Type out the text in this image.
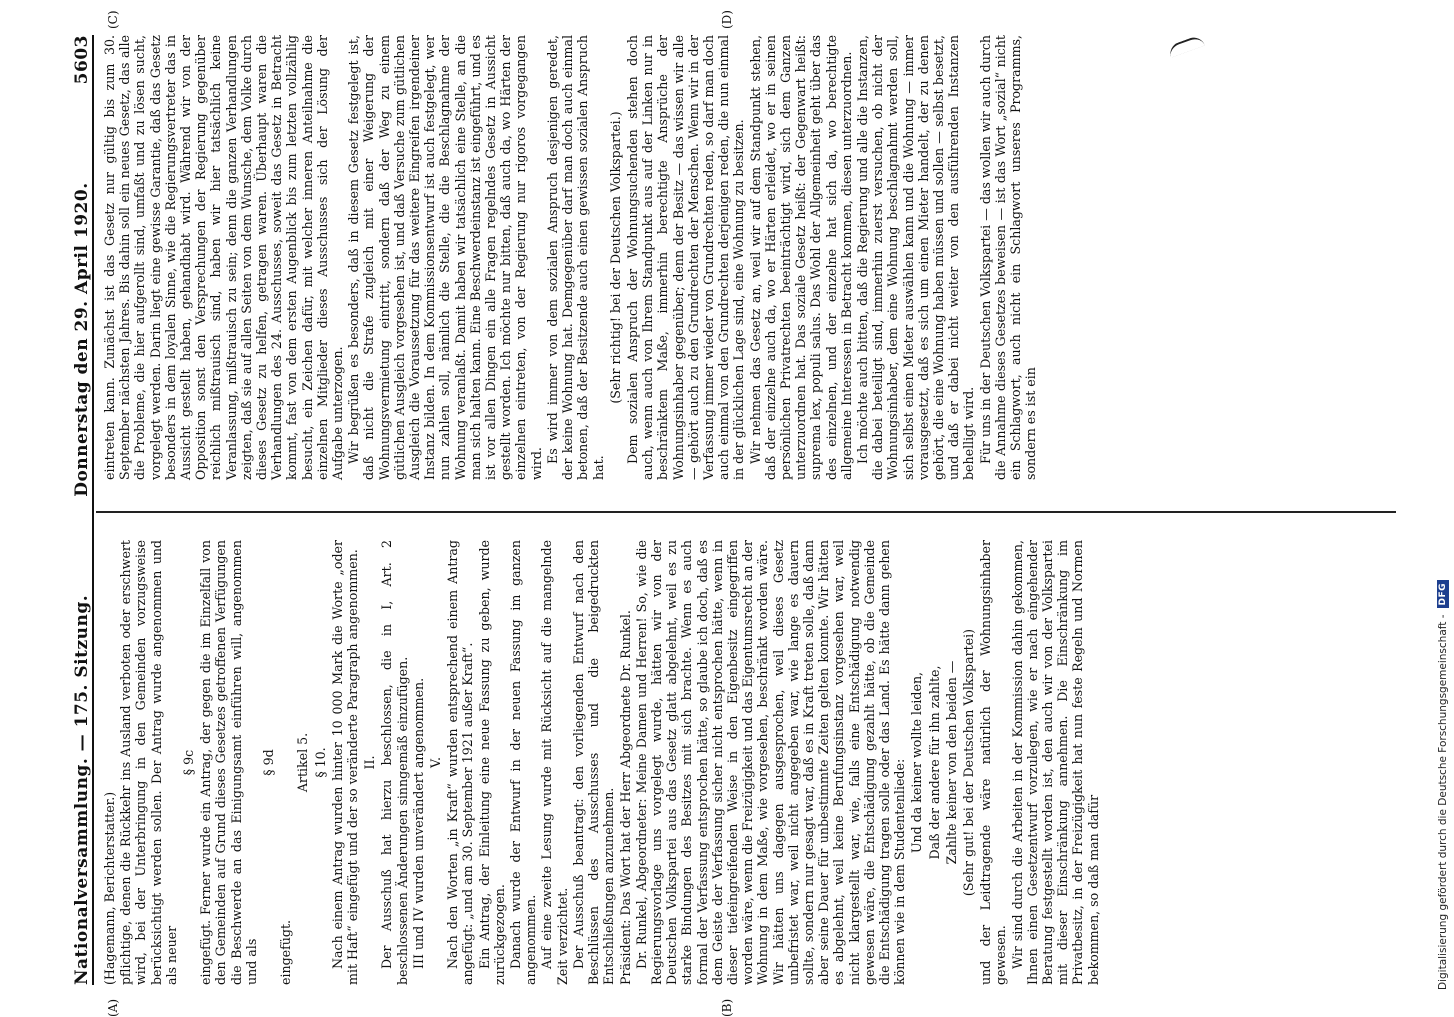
Nationalversammlung. — 175. Sitzung.
Donnerstag den 29. April 1920.
5603
(A)	(B)
(C)	(D)

(Hagemann, Berichterstatter.) pflichtige, denen die Rückkehr ins Ausland verboten oder erschwert wird, bei der Unterbringung in den Gemeinden vorzugsweise berücksichtigt werden sollen. Der Antrag wurde angenommen und als neuer

§ 9c eingefügt. Ferner wurde ein Antrag, der gegen die im Einzelfall von den Gemeinden auf Grund dieses Gesetzes getroffenen Verfügungen die Beschwerde an das Einigungsamt einführen will, angenommen und als

§ 9d

eingefügt.

Artikel 5. § 10. Nach einem Antrag wurden hinter 10 000 Mark die Worte „oder mit Haft“ eingefügt und der so veränderte Paragraph angenommen. II. Der Ausschuß hat hierzu beschlossen, die in I, Art. 2 beschlossenen Änderungen sinngemäß einzufügen. III und IV wurden unverändert angenommen. V. Nach den Worten „in Kraft“ wurden entsprechend einem Antrag angefügt: „und am 30. September 1921 außer Kraft“. Ein Antrag, der Einleitung eine neue Fassung zu geben, wurde zurückgezogen. Danach wurde der Entwurf in der neuen Fassung im ganzen angenommen. Auf eine zweite Lesung wurde mit Rücksicht auf die mangelnde Zeit verzichtet. Der Ausschuß beantragt: den vorliegenden Entwurf nach den Beschlüssen des Ausschusses und die beigedruckten Entschließungen anzunehmen. Präsident: Das Wort hat der Herr Abgeordnete Dr. Runkel. Dr. Runkel, Abgeordneter: Meine Damen und Herren! So, wie die Regierungsvorlage uns vorgelegt wurde, hätten wir von der Deutschen Volkspartei aus das Gesetz glatt abgelehnt, weil es zu starke Bindungen des Besitzes mit sich brachte. Wenn es auch formal der Verfassung entsprochen hätte, so glaube ich doch, daß es dem Geiste der Verfassung sicher nicht entsprochen hätte, wenn in dieser tiefeingreifenden Weise in den Eigenbesitz eingegriffen worden wäre, wenn die Freizügigkeit und das Eigentumsrecht an der Wohnung in dem Maße, wie vorgesehen, beschränkt worden wäre. Wir hätten uns dagegen ausgesprochen, weil dieses Gesetz unbefristet war, weil nicht angegeben war, wie lange es dauern sollte, sondern nur gesagt war, daß es in Kraft treten solle, daß dann aber seine Dauer für unbestimmte Zeiten gelten konnte. Wir hätten es abgelehnt, weil keine Berufungsinstanz vorgesehen war, weil nicht klargestellt war, wie, falls eine Entschädigung notwendig gewesen wäre, die Entschädigung gezahlt hätte, ob die Gemeinde die Entschädigung tragen solle oder das Land. Es hätte dann gehen können wie in dem Studentenliede: Und da keiner wollte leiden, Daß der andere für ihn zahlte, Zahlte keiner von den beiden — (Sehr gut! bei der Deutschen Volkspartei) und der Leidtragende wäre natürlich der Wohnungsinhaber gewesen. Wir sind durch die Arbeiten in der Kommission dahin gekommen, Ihnen einen Gesetzentwurf vorzulegen, wie er nach eingehender Beratung festgestellt worden ist, den auch wir von der Volkspartei mit dieser Einschränkung annehmen. Die Einschränkung im Privatbesitz, in der Freizügigkeit hat nun feste Regeln und Normen bekommen, so daß man dafür

eintreten kann. Zunächst ist das Gesetz nur gültig bis zum 30. September nächsten Jahres. Bis dahin soll ein neues Gesetz, das alle die Probleme, die hier aufgerollt sind, umfaßt und zu lösen sucht, vorgelegt werden. Darin liegt eine gewisse Garantie, daß das Gesetz besonders in dem loyalen Sinne, wie die Regierungsvertreter das in Aussicht gestellt haben, gehandhabt wird. Während wir von der Opposition sonst den Versprechungen der Regierung gegenüber reichlich mißtrauisch sind, haben wir hier tatsächlich keine Veranlassung, mißtrauisch zu sein; denn die ganzen Verhandlungen zeigten, daß sie auf allen Seiten von dem Wunsche, dem Volke durch dieses Gesetz zu helfen, getragen waren. Überhaupt waren die Verhandlungen des 24. Ausschusses, soweit das Gesetz in Betracht kommt, fast von dem ersten Augenblick bis zum letzten vollzählig besucht, ein Zeichen dafür, mit welcher inneren Anteilnahme die einzelnen Mitglieder dieses Ausschusses sich der Lösung der Aufgabe unterzogen. Wir begrüßen es besonders, daß in diesem Gesetz festgelegt ist, daß nicht die Strafe zugleich mit einer Weigerung der Wohnungsvermietung eintritt, sondern daß der Weg zu einem gütlichen Ausgleich vorgesehen ist, und daß Versuche zum gütlichen Ausgleich die Voraussetzung für das weitere Eingreifen irgendeiner Instanz bilden. In dem Kommissionsentwurf ist auch festgelegt, wer nun zahlen soll, nämlich die Stelle, die die Beschlagnahme der Wohnung veranlaßt. Damit haben wir tatsächlich eine Stelle, an die man sich halten kann. Eine Beschwerdeinstanz ist eingeführt, und es ist vor allen Dingen ein alle Fragen regelndes Gesetz in Aussicht gestellt worden. Ich möchte nur bitten, daß auch da, wo Härten der einzelnen eintreten, von der Regierung nur rigoros vorgegangen wird. Es wird immer von dem sozialen Anspruch desjenigen geredet, der keine Wohnung hat. Demgegenüber darf man doch auch einmal betonen, daß der Besitzende auch einen gewissen sozialen Anspruch hat.

(Sehr richtig! bei der Deutschen Volkspartei.) Dem sozialen Anspruch der Wohnungsuchenden stehen doch auch, wenn auch von Ihrem Standpunkt aus auf der Linken nur in beschränktem Maße, immerhin berechtigte Ansprüche der Wohnungsinhaber gegenüber; denn der Besitz — das wissen wir alle — gehört auch zu den Grundrechten der Menschen. Wenn wir in der Verfassung immer wieder von Grundrechten reden, so darf man doch auch einmal von den Grundrechten derjenigen reden, die nun einmal in der glücklichen Lage sind, eine Wohnung zu besitzen. Wir nehmen das Gesetz an, weil wir auf dem Standpunkt stehen, daß der einzelne auch da, wo er Härten erleidet, wo er in seinen persönlichen Privatrechten beeinträchtigt wird, sich dem Ganzen unterzuordnen hat. Das soziale Gesetz heißt: der Gegenwart heißt: suprema lex, populi salus. Das Wohl der Allgemeinheit geht über das des einzelnen, und der einzelne hat sich da, wo berechtigte allgemeine Interessen in Betracht kommen, diesen unterzuordnen. Ich möchte auch bitten, daß die Regierung und alle die Instanzen, die dabei beteiligt sind, immerhin zuerst versuchen, ob nicht der Wohnungsinhaber, dem eine Wohnung beschlagnahmt werden soll, sich selbst einen Mieter auswählen kann und die Wohnung — immer vorausgesetzt, daß es sich um einen Mieter handelt, der zu denen gehört, die eine Wohnung haben müssen und sollen — selbst besetzt, und daß er dabei nicht weiter von den ausführenden Instanzen behelligt wird. Für uns in der Deutschen Volkspartei — das wollen wir auch durch die Annahme dieses Gesetzes beweisen — ist das Wort „sozial“ nicht ein Schlagwort, auch nicht ein Schlagwort unseres Programms, sondern es ist ein

Digitalisierung gefördert durch die Deutsche Forschungsgemeinschaft -
DFG
